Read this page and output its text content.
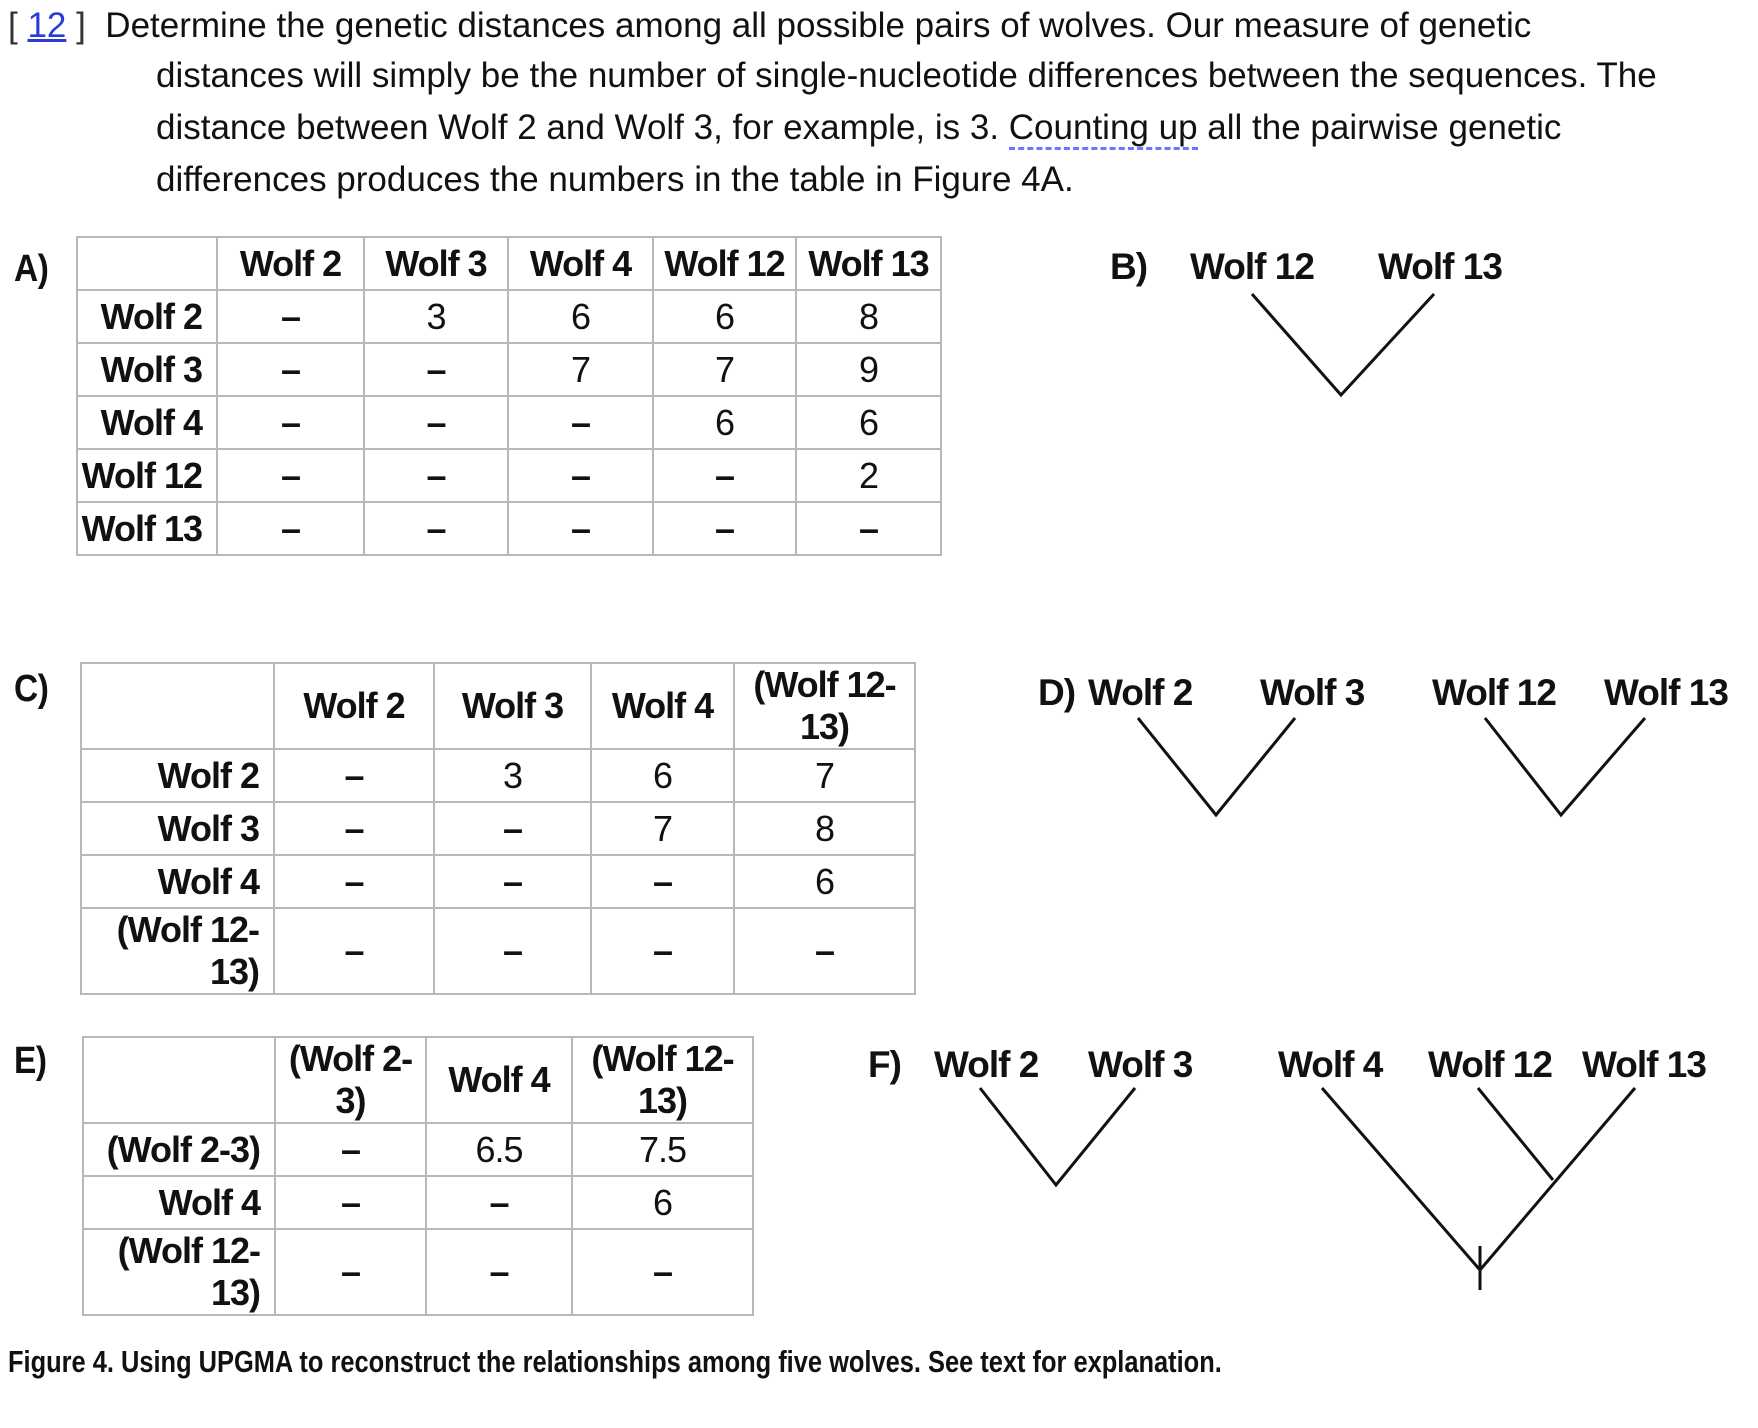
[ 12 ] Determine the genetic distances among all possible pairs of wolves. Our measure of genetic
distances will simply be the number of single-nucleotide differences between the sequences. The
distance between Wolf 2 and Wolf 3, for example, is 3. Counting up all the pairwise genetic
differences produces the numbers in the table in Figure 4A.
A)
C)
E)
	Wolf 2	Wolf 3	Wolf 4	Wolf 12	Wolf 13
Wolf 2	–	3	6	6	8
Wolf 3	–	–	7	7	9
Wolf 4	–	–	–	6	6
Wolf 12	–	–	–	–	2
Wolf 13	–	–	–	–	–
	Wolf 2	Wolf 3	Wolf 4	(Wolf 12-13)
Wolf 2	–	3	6	7
Wolf 3	–	–	7	8
Wolf 4	–	–	–	6
(Wolf 12-13)	–	–	–	–
	(Wolf 2-3)	Wolf 4	(Wolf 12-13)
(Wolf 2-3)	–	6.5	7.5
Wolf 4	–	–	6
(Wolf 12-13)	–	–	–
B) Wolf 12 Wolf 13
D) Wolf 2 Wolf 3 Wolf 12 Wolf 13
F) Wolf 2 Wolf 3 Wolf 4 Wolf 12 Wolf 13
Figure 4. Using UPGMA to reconstruct the relationships among five wolves. See text for explanation.
